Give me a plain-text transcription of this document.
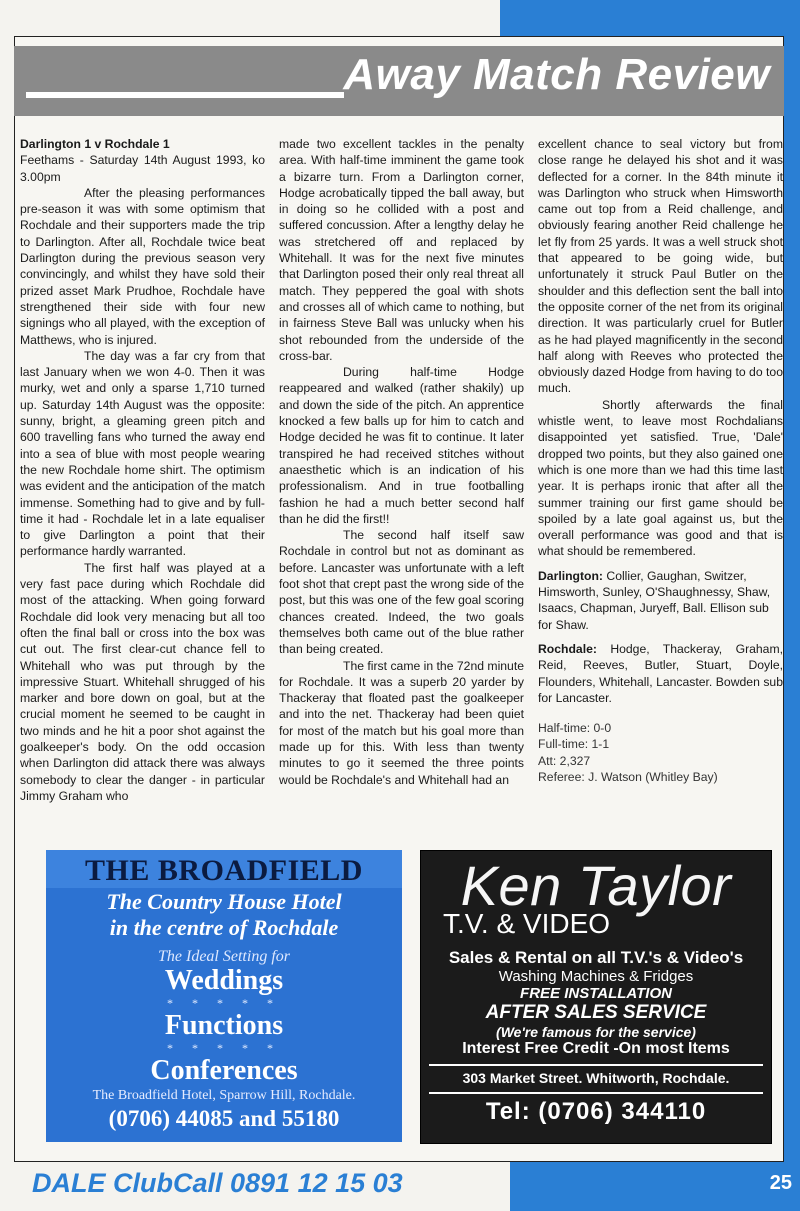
Away Match Review

Darlington 1 v Rochdale 1

Feethams - Saturday 14th August 1993, ko 3.00pm

After the pleasing performances pre-season it was with some optimism that Rochdale and their supporters made the trip to Darlington. After all, Rochdale twice beat Darlington during the previous season very convincingly, and whilst they have sold their prized asset Mark Prudhoe, Rochdale have strengthened their side with four new signings who all played, with the exception of Matthews, who is injured.

The day was a far cry from that last January when we won 4-0. Then it was murky, wet and only a sparse 1,710 turned up. Saturday 14th August was the opposite: sunny, bright, a gleaming green pitch and 600 travelling fans who turned the away end into a sea of blue with most people wearing the new Rochdale home shirt. The optimism was evident and the anticipation of the match immense. Something had to give and by full-time it had - Rochdale let in a late equaliser to give Darlington a point that their performance hardly warranted.

The first half was played at a very fast pace during which Rochdale did most of the attacking. When going forward Rochdale did look very menacing but all too often the final ball or cross into the box was cut out. The first clear-cut chance fell to Whitehall who was put through by the impressive Stuart. Whitehall shrugged of his marker and bore down on goal, but at the crucial moment he seemed to be caught in two minds and he hit a poor shot against the goalkeeper's body. On the odd occasion when Darlington did attack there was always somebody to clear the danger - in particular Jimmy Graham who

made two excellent tackles in the penalty area. With half-time imminent the game took a bizarre turn. From a Darlington corner, Hodge acrobatically tipped the ball away, but in doing so he collided with a post and suffered concussion. After a lengthy delay he was stretchered off and replaced by Whitehall. It was for the next five minutes that Darlington posed their only real threat all match. They peppered the goal with shots and crosses all of which came to nothing, but in fairness Steve Ball was unlucky when his shot rebounded from the underside of the cross-bar.

During half-time Hodge reappeared and walked (rather shakily) up and down the side of the pitch. An apprentice knocked a few balls up for him to catch and Hodge decided he was fit to continue. It later transpired he had received stitches without anaesthetic which is an indication of his professionalism. And in true footballing fashion he had a much better second half than he did the first!!

The second half itself saw Rochdale in control but not as dominant as before. Lancaster was unfortunate with a left foot shot that crept past the wrong side of the post, but this was one of the few goal scoring chances created. Indeed, the two goals themselves both came out of the blue rather than being created.

The first came in the 72nd minute for Rochdale. It was a superb 20 yarder by Thackeray that floated past the goalkeeper and into the net. Thackeray had been quiet for most of the match but his goal more than made up for this. With less than twenty minutes to go it seemed the three points would be Rochdale's and Whitehall had an

excellent chance to seal victory but from close range he delayed his shot and it was deflected for a corner. In the 84th minute it was Darlington who struck when Himsworth came out top from a Reid challenge, and obviously fearing another Reid challenge he let fly from 25 yards. It was a well struck shot that appeared to be going wide, but unfortunately it struck Paul Butler on the shoulder and this deflection sent the ball into the opposite corner of the net from its original direction. It was particularly cruel for Butler as he had played magnificently in the second half along with Reeves who protected the obviously dazed Hodge from having to do too much.

Shortly afterwards the final whistle went, to leave most Rochdalians disappointed yet satisfied. True, 'Dale' dropped two points, but they also gained one which is one more than we had this time last year. It is perhaps ironic that after all the summer training our first game should be spoiled by a late goal against us, but the overall performance was good and that is what should be remembered.

Darlington: Collier, Gaughan, Switzer, Himsworth, Sunley, O'Shaughnessy, Shaw, Isaacs, Chapman, Juryeff, Ball. Ellison sub for Shaw.

Rochdale: Hodge, Thackeray, Graham, Reid, Reeves, Butler, Stuart, Doyle, Flounders, Whitehall, Lancaster. Bowden sub for Lancaster.

Half-time: 0-0
Full-time: 1-1
Att: 2,327
Referee: J. Watson (Whitley Bay)
THE BROADFIELD
The Country House Hotel
in the centre of Rochdale
The Ideal Setting for
Weddings
* * * * *
Functions
* * * * *
Conferences
The Broadfield Hotel, Sparrow Hill, Rochdale.
(0706) 44085 and 55180
Ken Taylor
T.V. & VIDEO
Sales & Rental on all T.V.'s & Video's
Washing Machines & Fridges
FREE INSTALLATION
AFTER SALES SERVICE
(We're famous for the service)
Interest Free Credit -On most Items
303 Market Street. Whitworth, Rochdale.
Tel: (0706) 344110
DALE ClubCall 0891 12 15 03	25
